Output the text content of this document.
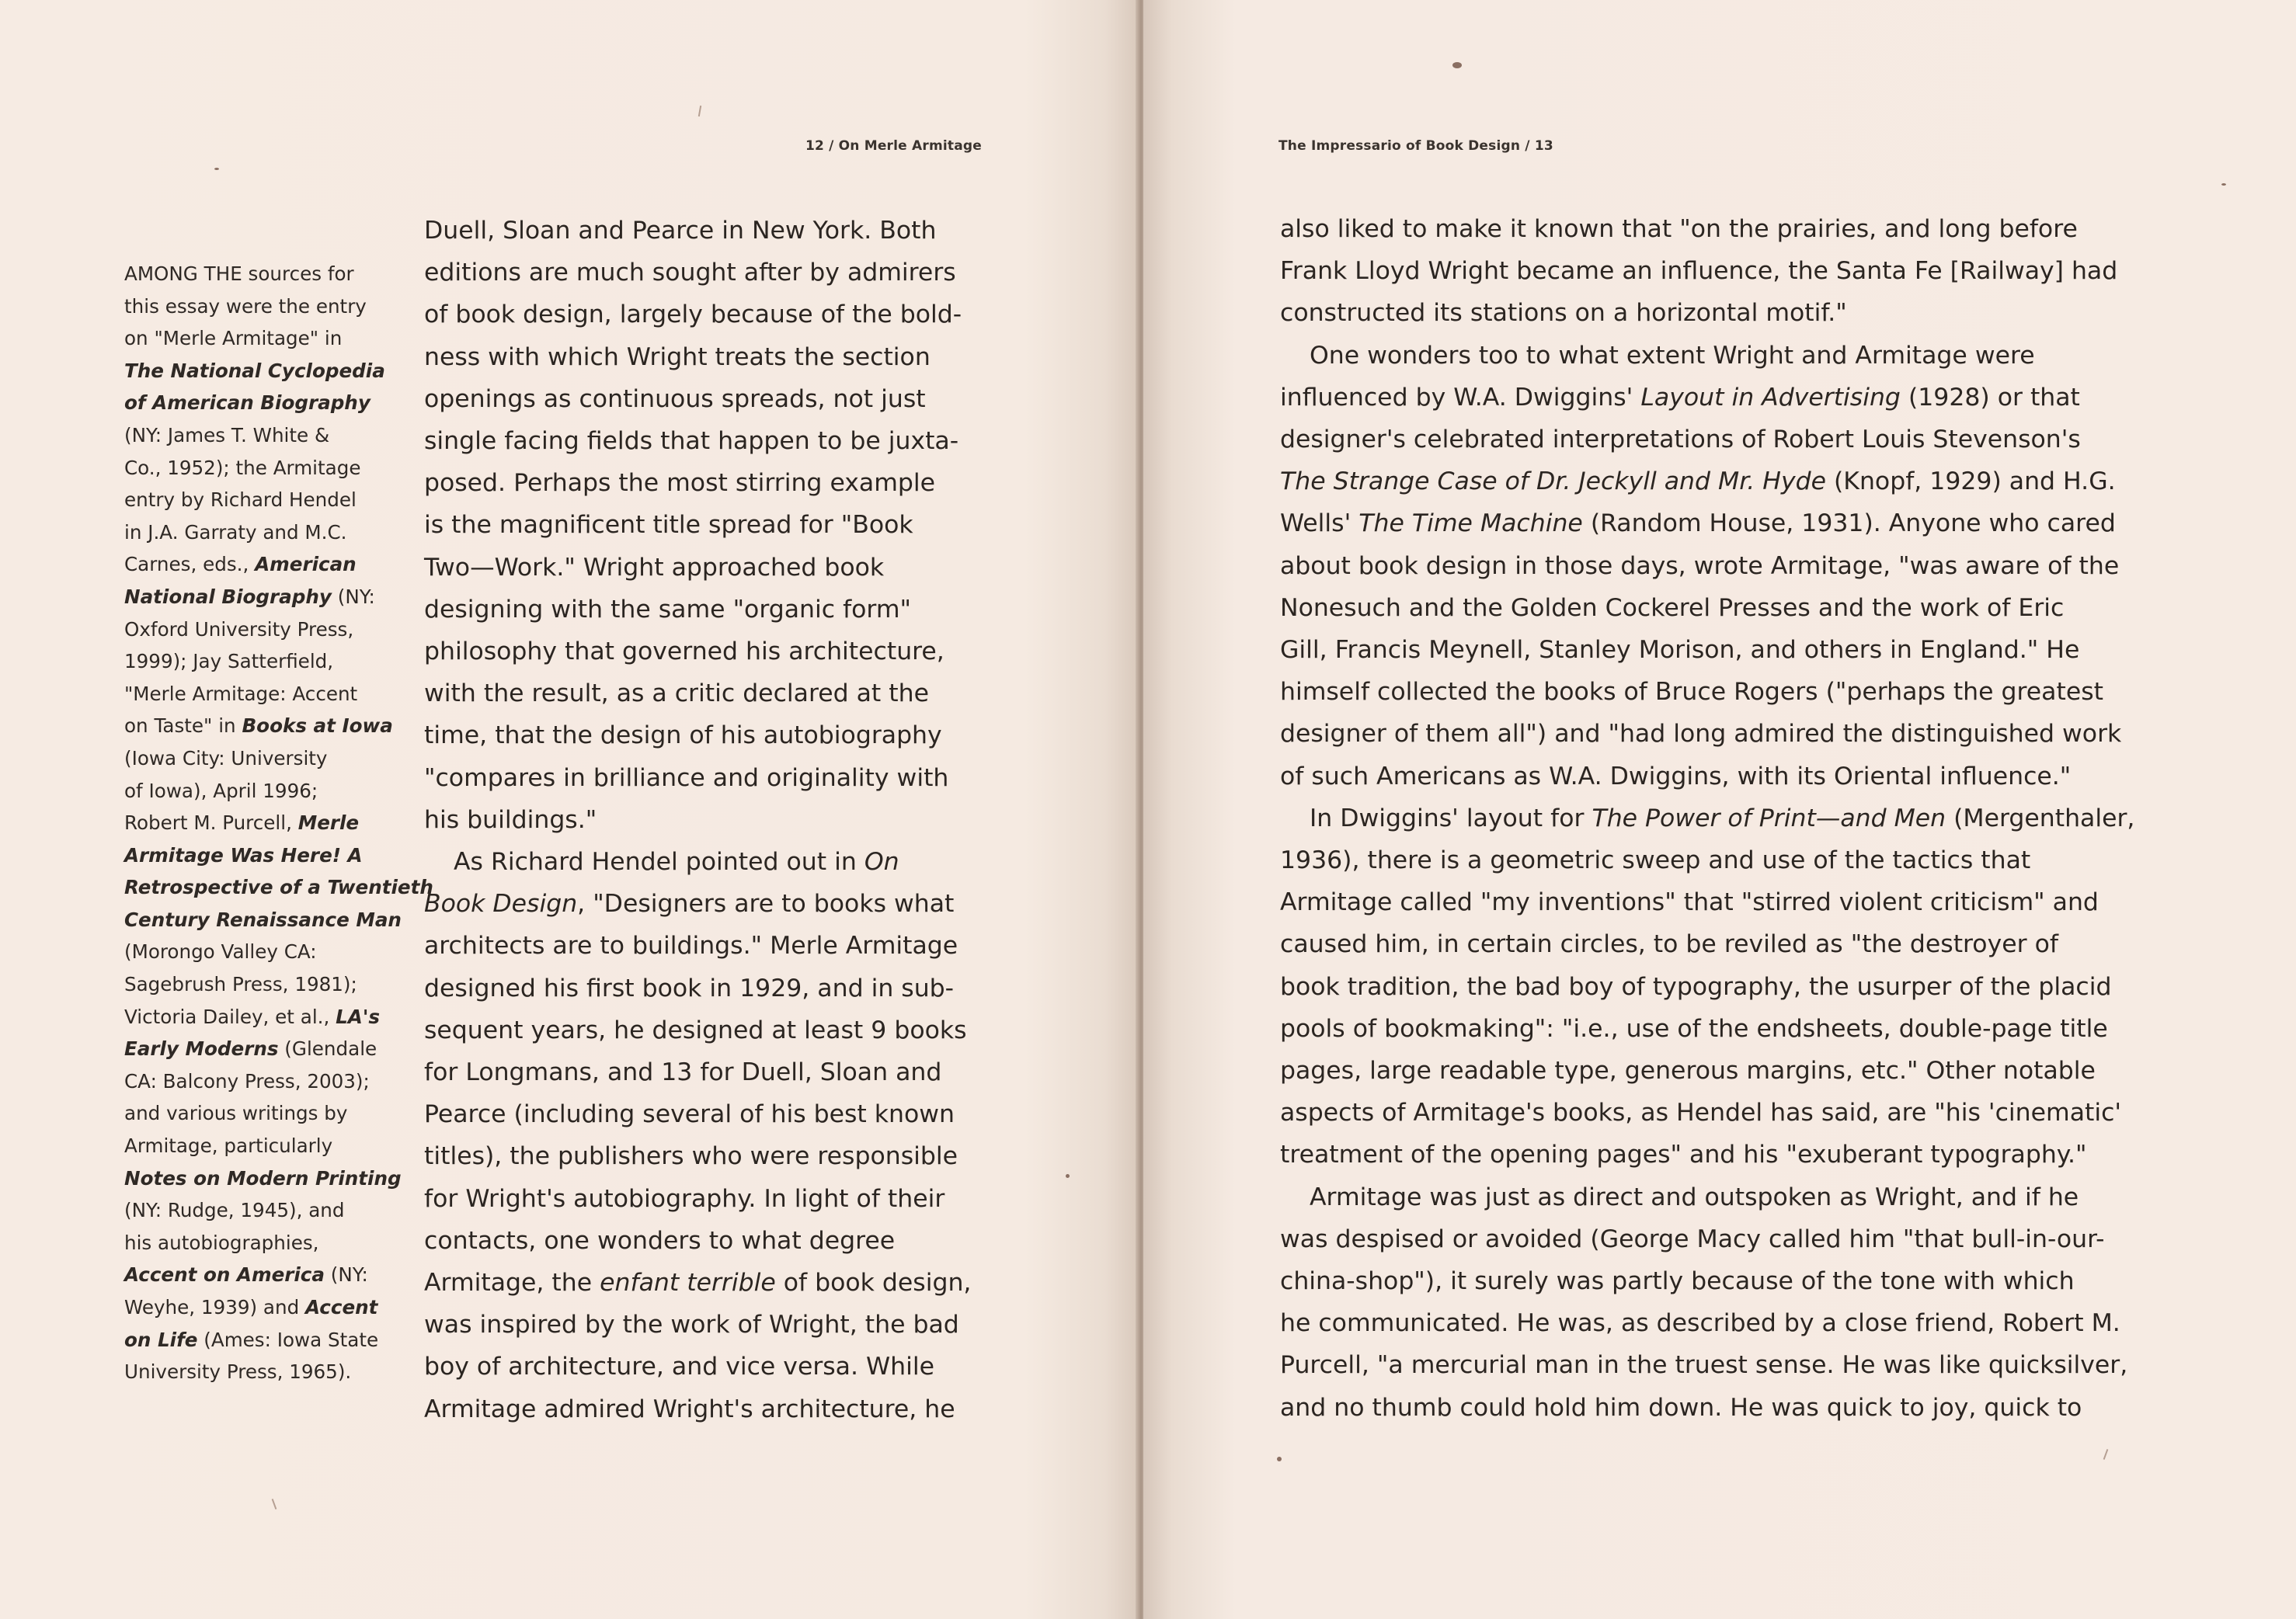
12 / On Merle Armitage
AMONG THE sources for
this essay were the entry
on "Merle Armitage" in
The National Cyclopedia
of American Biography
(NY: James T. White &
Co., 1952); the Armitage
entry by Richard Hendel
in J.A. Garraty and M.C.
Carnes, eds., American
National Biography (NY:
Oxford University Press,
1999); Jay Satterfield,
"Merle Armitage: Accent
on Taste" in Books at Iowa
(Iowa City: University
of Iowa), April 1996;
Robert M. Purcell, Merle
Armitage Was Here! A
Retrospective of a Twentieth
Century Renaissance Man
(Morongo Valley CA:
Sagebrush Press, 1981);
Victoria Dailey, et al., LA's
Early Moderns (Glendale
CA: Balcony Press, 2003);
and various writings by
Armitage, particularly
Notes on Modern Printing
(NY: Rudge, 1945), and
his autobiographies,
Accent on America (NY:
Weyhe, 1939) and Accent
on Life (Ames: Iowa State
University Press, 1965).
Duell, Sloan and Pearce in New York. Both
editions are much sought after by admirers
of book design, largely because of the bold-
ness with which Wright treats the section
openings as continuous spreads, not just
single facing fields that happen to be juxta-
posed. Perhaps the most stirring example
is the magnificent title spread for "Book
Two—Work." Wright approached book
designing with the same "organic form"
philosophy that governed his architecture,
with the result, as a critic declared at the
time, that the design of his autobiography
"compares in brilliance and originality with
his buildings."
As Richard Hendel pointed out in On
Book Design, "Designers are to books what
architects are to buildings." Merle Armitage
designed his first book in 1929, and in sub-
sequent years, he designed at least 9 books
for Longmans, and 13 for Duell, Sloan and
Pearce (including several of his best known
titles), the publishers who were responsible
for Wright's autobiography. In light of their
contacts, one wonders to what degree
Armitage, the enfant terrible of book design,
was inspired by the work of Wright, the bad
boy of architecture, and vice versa. While
Armitage admired Wright's architecture, he
The Impressario of Book Design / 13
also liked to make it known that "on the prairies, and long before
Frank Lloyd Wright became an influence, the Santa Fe [Railway] had
constructed its stations on a horizontal motif."
One wonders too to what extent Wright and Armitage were
influenced by W.A. Dwiggins' Layout in Advertising (1928) or that
designer's celebrated interpretations of Robert Louis Stevenson's
The Strange Case of Dr. Jeckyll and Mr. Hyde (Knopf, 1929) and H.G.
Wells' The Time Machine (Random House, 1931). Anyone who cared
about book design in those days, wrote Armitage, "was aware of the
Nonesuch and the Golden Cockerel Presses and the work of Eric
Gill, Francis Meynell, Stanley Morison, and others in England." He
himself collected the books of Bruce Rogers ("perhaps the greatest
designer of them all") and "had long admired the distinguished work
of such Americans as W.A. Dwiggins, with its Oriental influence."
In Dwiggins' layout for The Power of Print—and Men (Mergenthaler,
1936), there is a geometric sweep and use of the tactics that
Armitage called "my inventions" that "stirred violent criticism" and
caused him, in certain circles, to be reviled as "the destroyer of
book tradition, the bad boy of typography, the usurper of the placid
pools of bookmaking": "i.e., use of the endsheets, double-page title
pages, large readable type, generous margins, etc." Other notable
aspects of Armitage's books, as Hendel has said, are "his 'cinematic'
treatment of the opening pages" and his "exuberant typography."
Armitage was just as direct and outspoken as Wright, and if he
was despised or avoided (George Macy called him "that bull-in-our-
china-shop"), it surely was partly because of the tone with which
he communicated. He was, as described by a close friend, Robert M.
Purcell, "a mercurial man in the truest sense. He was like quicksilver,
and no thumb could hold him down. He was quick to joy, quick to
